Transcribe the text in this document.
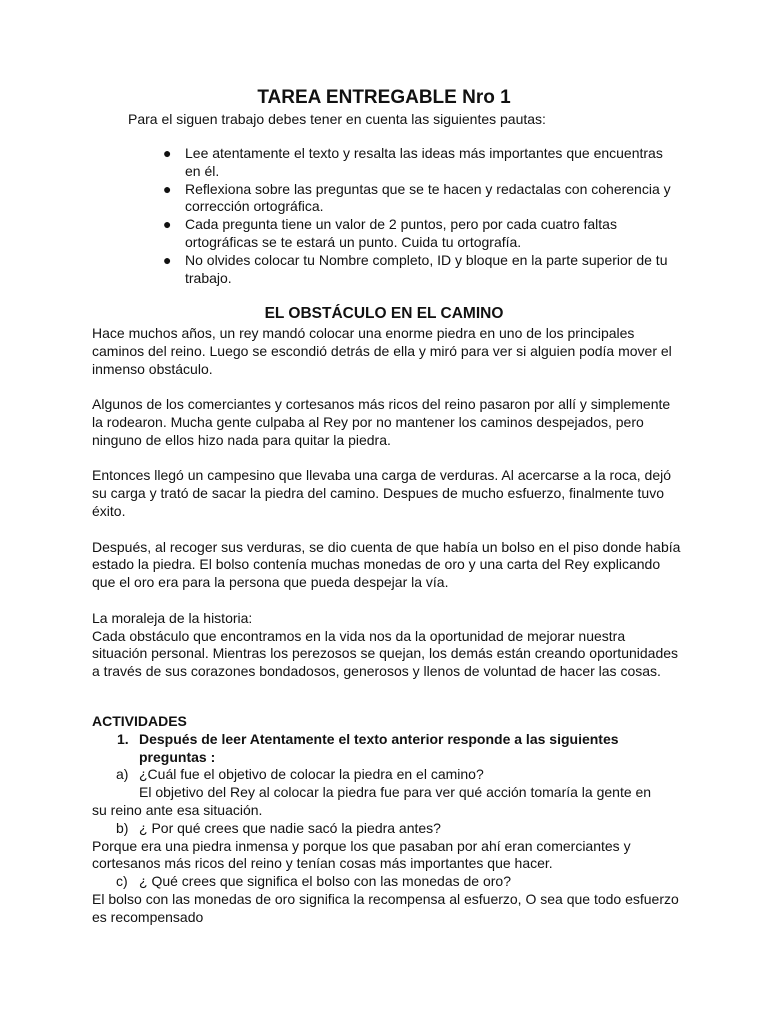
TAREA ENTREGABLE Nro 1
Para el siguen trabajo debes tener en cuenta las siguientes pautas:
● Lee atentamente el texto y resalta las ideas más importantes que encuentras en él.
● Reflexiona sobre las preguntas que se te hacen y redactalas con coherencia y corrección ortográfica.
● Cada pregunta tiene un valor de 2 puntos, pero por cada cuatro faltas ortográficas se te estará un punto. Cuida tu ortografía.
● No olvides colocar tu Nombre completo, ID y bloque en la parte superior de tu trabajo.
EL OBSTÁCULO EN EL CAMINO

Hace muchos años, un rey mandó colocar una enorme piedra en uno de los principales caminos del reino. Luego se escondió detrás de ella y miró para ver si alguien podía mover el inmenso obstáculo.

Algunos de los comerciantes y cortesanos más ricos del reino pasaron por allí y simplemente la rodearon. Mucha gente culpaba al Rey por no mantener los caminos despejados, pero ninguno de ellos hizo nada para quitar la piedra.

Entonces llegó un campesino que llevaba una carga de verduras. Al acercarse a la roca, dejó su carga y trató de sacar la piedra del camino. Despues de mucho esfuerzo, finalmente tuvo éxito.

Después, al recoger sus verduras, se dio cuenta de que había un bolso en el piso donde había estado la piedra. El bolso contenía muchas monedas de oro y una carta del Rey explicando que el oro era para la persona que pueda despejar la vía.

La moraleja de la historia:

Cada obstáculo que encontramos en la vida nos da la oportunidad de mejorar nuestra situación personal. Mientras los perezosos se quejan, los demás están creando oportunidades a través de sus corazones bondadosos, generosos y llenos de voluntad de hacer las cosas.

ACTIVIDADES
1. Después de leer Atentamente el texto anterior responde a las siguientes preguntas :
a) ¿Cuál fue el objetivo de colocar la piedra en el camino?
El objetivo del Rey al colocar la piedra fue para ver qué acción tomaría la gente en
su reino ante esa situación.
b) ¿ Por qué crees que nadie sacó la piedra antes?
Porque era una piedra inmensa y porque los que pasaban por ahí eran comerciantes y cortesanos más ricos del reino y tenían cosas más importantes que hacer.
c) ¿ Qué crees que significa el bolso con las monedas de oro?
El bolso con las monedas de oro significa la recompensa al esfuerzo, O sea que todo esfuerzo es recompensado
